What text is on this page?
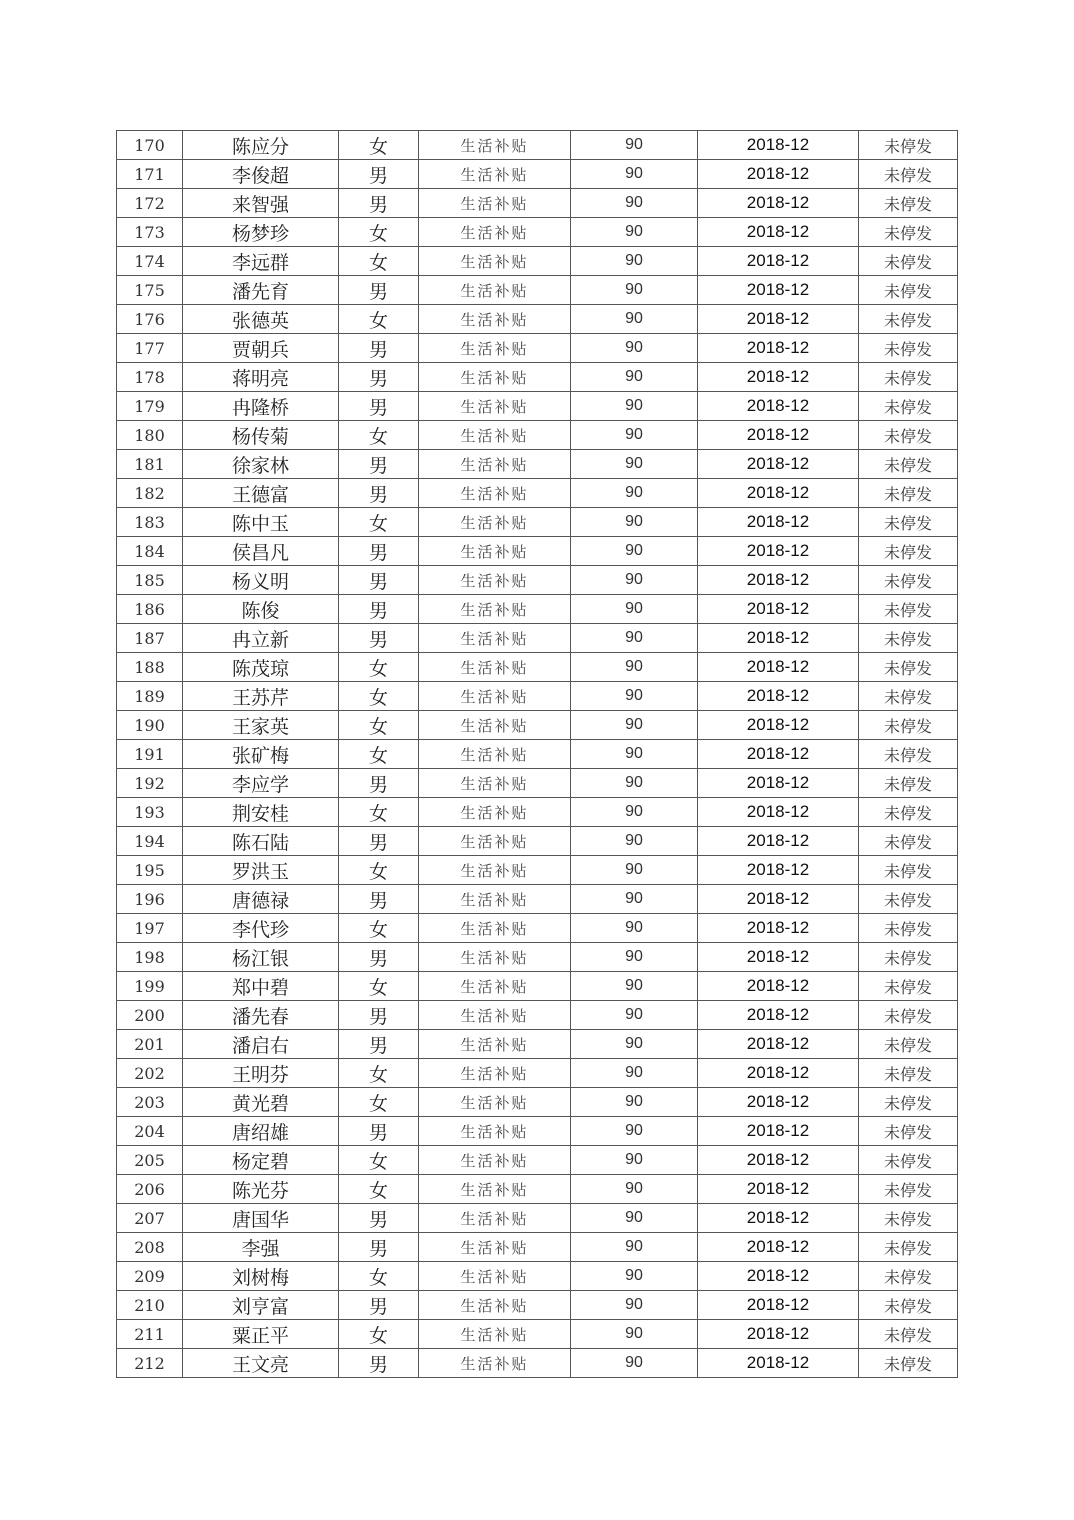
170	陈应分	女	生活补贴	90	2018-12	未停发
171	李俊超	男	生活补贴	90	2018-12	未停发
172	来智强	男	生活补贴	90	2018-12	未停发
173	杨梦珍	女	生活补贴	90	2018-12	未停发
174	李远群	女	生活补贴	90	2018-12	未停发
175	潘先育	男	生活补贴	90	2018-12	未停发
176	张德英	女	生活补贴	90	2018-12	未停发
177	贾朝兵	男	生活补贴	90	2018-12	未停发
178	蒋明亮	男	生活补贴	90	2018-12	未停发
179	冉隆桥	男	生活补贴	90	2018-12	未停发
180	杨传菊	女	生活补贴	90	2018-12	未停发
181	徐家林	男	生活补贴	90	2018-12	未停发
182	王德富	男	生活补贴	90	2018-12	未停发
183	陈中玉	女	生活补贴	90	2018-12	未停发
184	侯昌凡	男	生活补贴	90	2018-12	未停发
185	杨义明	男	生活补贴	90	2018-12	未停发
186	陈俊	男	生活补贴	90	2018-12	未停发
187	冉立新	男	生活补贴	90	2018-12	未停发
188	陈茂琼	女	生活补贴	90	2018-12	未停发
189	王苏芹	女	生活补贴	90	2018-12	未停发
190	王家英	女	生活补贴	90	2018-12	未停发
191	张矿梅	女	生活补贴	90	2018-12	未停发
192	李应学	男	生活补贴	90	2018-12	未停发
193	荆安桂	女	生活补贴	90	2018-12	未停发
194	陈石陆	男	生活补贴	90	2018-12	未停发
195	罗洪玉	女	生活补贴	90	2018-12	未停发
196	唐德禄	男	生活补贴	90	2018-12	未停发
197	李代珍	女	生活补贴	90	2018-12	未停发
198	杨江银	男	生活补贴	90	2018-12	未停发
199	郑中碧	女	生活补贴	90	2018-12	未停发
200	潘先春	男	生活补贴	90	2018-12	未停发
201	潘启右	男	生活补贴	90	2018-12	未停发
202	王明芬	女	生活补贴	90	2018-12	未停发
203	黄光碧	女	生活补贴	90	2018-12	未停发
204	唐绍雄	男	生活补贴	90	2018-12	未停发
205	杨定碧	女	生活补贴	90	2018-12	未停发
206	陈光芬	女	生活补贴	90	2018-12	未停发
207	唐国华	男	生活补贴	90	2018-12	未停发
208	李强	男	生活补贴	90	2018-12	未停发
209	刘树梅	女	生活补贴	90	2018-12	未停发
210	刘亨富	男	生活补贴	90	2018-12	未停发
211	粟正平	女	生活补贴	90	2018-12	未停发
212	王文亮	男	生活补贴	90	2018-12	未停发
